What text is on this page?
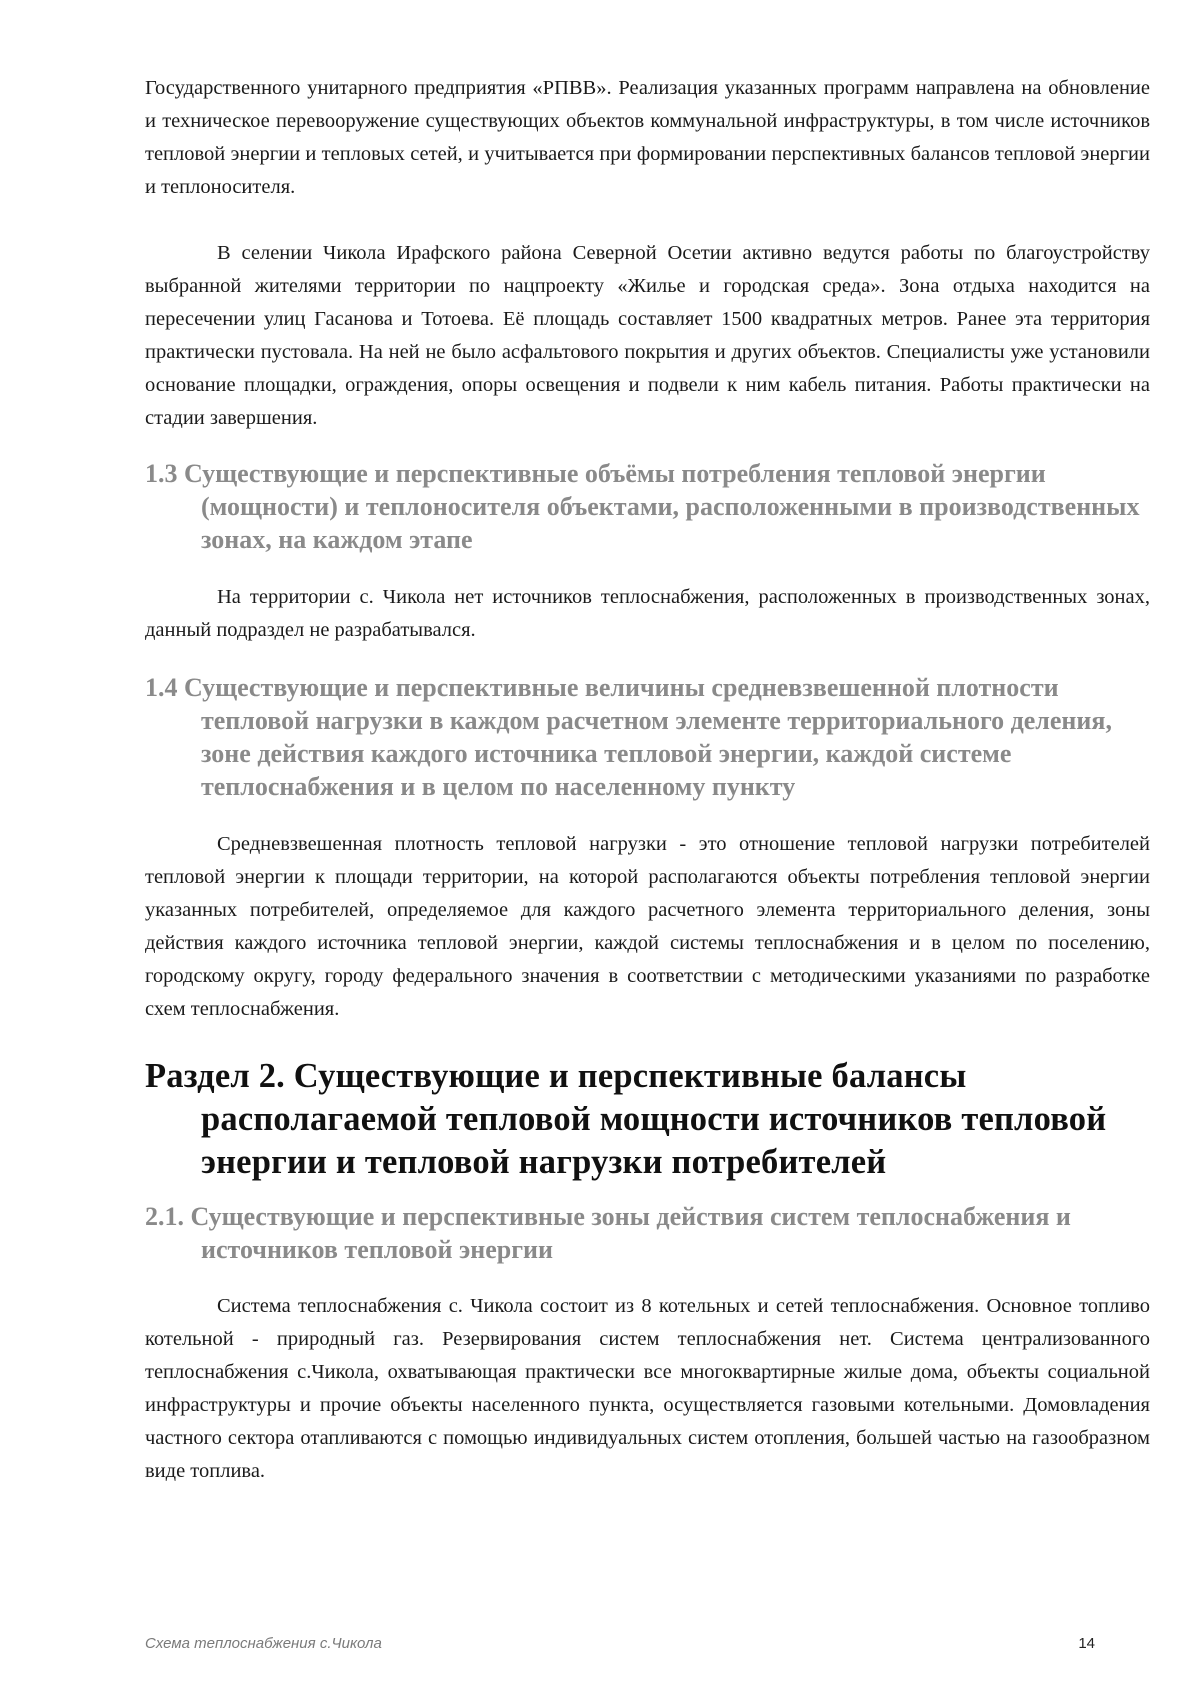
Государственного унитарного предприятия «РПВВ». Реализация указанных программ направлена на обновление и техническое перевооружение существующих объектов коммунальной инфраструктуры, в том числе источников тепловой энергии и тепловых сетей, и учитывается при формировании перспективных балансов тепловой энергии и теплоносителя.

В селении Чикола Ирафского района Северной Осетии активно ведутся работы по благоустройству выбранной жителями территории по нацпроекту «Жилье и городская среда». Зона отдыха находится на пересечении улиц Гасанова и Тотоева. Её площадь составляет 1500 квадратных метров. Ранее эта территория практически пустовала. На ней не было асфальтового покрытия и других объектов. Специалисты уже установили основание площадки, ограждения, опоры освещения и подвели к ним кабель питания. Работы практически на стадии завершения.

1.3 Существующие и перспективные объёмы потребления тепловой энергии (мощности) и теплоносителя объектами, расположенными в производственных зонах, на каждом этапе

На территории с. Чикола нет источников теплоснабжения, расположенных в производственных зонах, данный подраздел не разрабатывался.

1.4 Существующие и перспективные величины средневзвешенной плотности тепловой нагрузки в каждом расчетном элементе территориального деления, зоне действия каждого источника тепловой энергии, каждой системе теплоснабжения и в целом по населенному пункту

Средневзвешенная плотность тепловой нагрузки - это отношение тепловой нагрузки потребителей тепловой энергии к площади территории, на которой располагаются объекты потребления тепловой энергии указанных потребителей, определяемое для каждого расчетного элемента территориального деления, зоны действия каждого источника тепловой энергии, каждой системы теплоснабжения и в целом по поселению, городскому округу, городу федерального значения в соответствии с методическими указаниями по разработке схем теплоснабжения.

Раздел 2. Существующие и перспективные балансы располагаемой тепловой мощности источников тепловой энергии и тепловой нагрузки потребителей
2.1. Существующие и перспективные зоны действия систем теплоснабжения и источников тепловой энергии

Система теплоснабжения с. Чикола состоит из 8 котельных и сетей теплоснабжения. Основное топливо котельной - природный газ. Резервирования систем теплоснабжения нет. Система централизованного теплоснабжения с.Чикола, охватывающая практически все многоквартирные жилые дома, объекты социальной инфраструктуры и прочие объекты населенного пункта, осуществляется газовыми котельными. Домовладения частного сектора отапливаются с помощью индивидуальных систем отопления, большей частью на газообразном виде топлива.

Схема теплоснабжения с.Чикола	14
